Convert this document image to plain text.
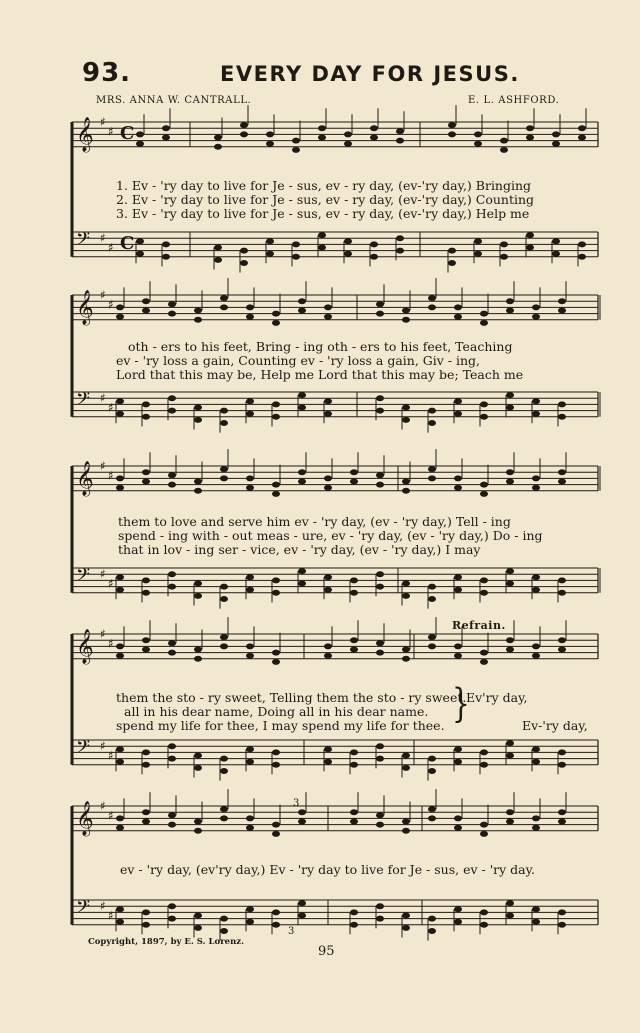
𝄞
𝄢
♯
♯
♯
♯
C
C
𝄞
𝄢
♯
♯
♯
♯
𝄞
𝄢
♯
♯
♯
♯
𝄞
𝄢
♯
♯
♯
♯
𝄞
𝄢
♯
♯
♯
♯
3
3
93.	EVERY DAY FOR JESUS.
MRS. ANNA W. CANTRALL.	E. L. ASHFORD.
1. Ev - 'ry day to live for Je - sus, ev - ry day, (ev-'ry day,) Bringing
2. Ev - 'ry day to live for Je - sus, ev - ry day, (ev-'ry day,) Counting
3. Ev - 'ry day to live for Je - sus, ev - ry day, (ev-'ry day,) Help me
oth - ers to his feet, Bring - ing oth - ers to his feet, Teaching
ev - 'ry loss a gain, Counting ev - 'ry loss a gain, Giv - ing,
Lord that this may be, Help me Lord that this may be; Teach me
them to love and serve him ev - 'ry day, (ev - 'ry day,) Tell - ing
spend - ing with - out meas - ure, ev - 'ry day, (ev - 'ry day,) Do - ing
that in lov - ing ser - vice, ev - 'ry day, (ev - 'ry day,) I may
Refrain.
them the sto - ry sweet, Telling them the sto - ry sweet.
all in his dear name, Doing all in his dear name.
spend my life for thee, I may spend my life for thee. }
Ev'ry day,
Ev-'ry day,
ev - 'ry day, (ev'ry day,) Ev - 'ry day to live for Je - sus, ev - 'ry day.
Copyright, 1897, by E. S. Lorenz.
95
